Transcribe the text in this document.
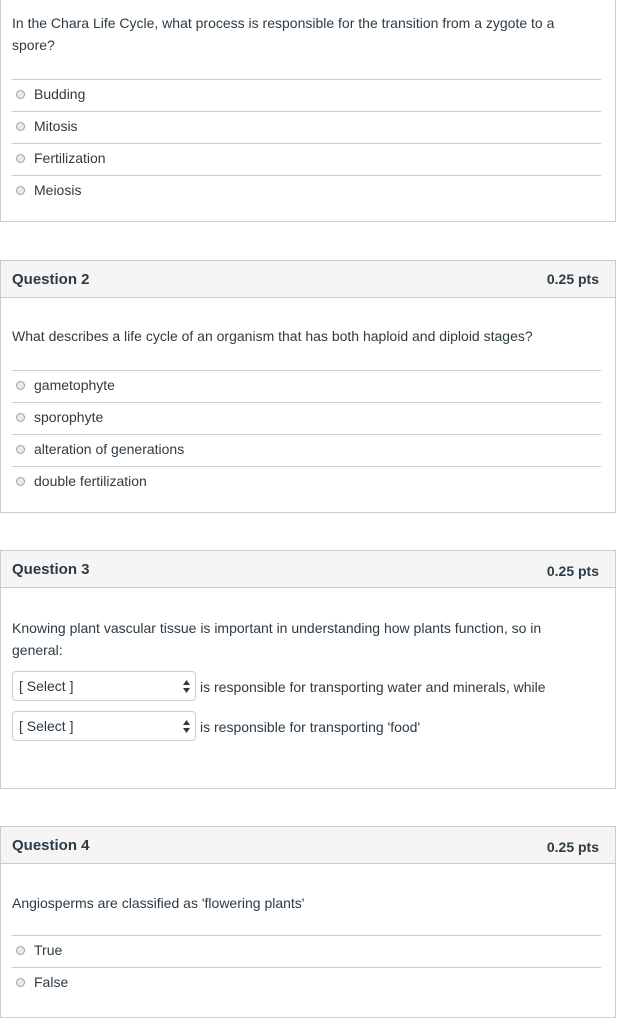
In the Chara Life Cycle, what process is responsible for the transition from a zygote to a spore?
Budding
Mitosis
Fertilization
Meiosis
Question 2	0.25 pts
What describes a life cycle of an organism that has both haploid and diploid stages?
gametophyte
sporophyte
alteration of generations
double fertilization
Question 3	0.25 pts
Knowing plant vascular tissue is important in understanding how plants function, so in general:
[ Select ]	is responsible for transporting water and minerals, while
[ Select ]	is responsible for transporting 'food'
Question 4	0.25 pts
Angiosperms are classified as 'flowering plants'
True
False
